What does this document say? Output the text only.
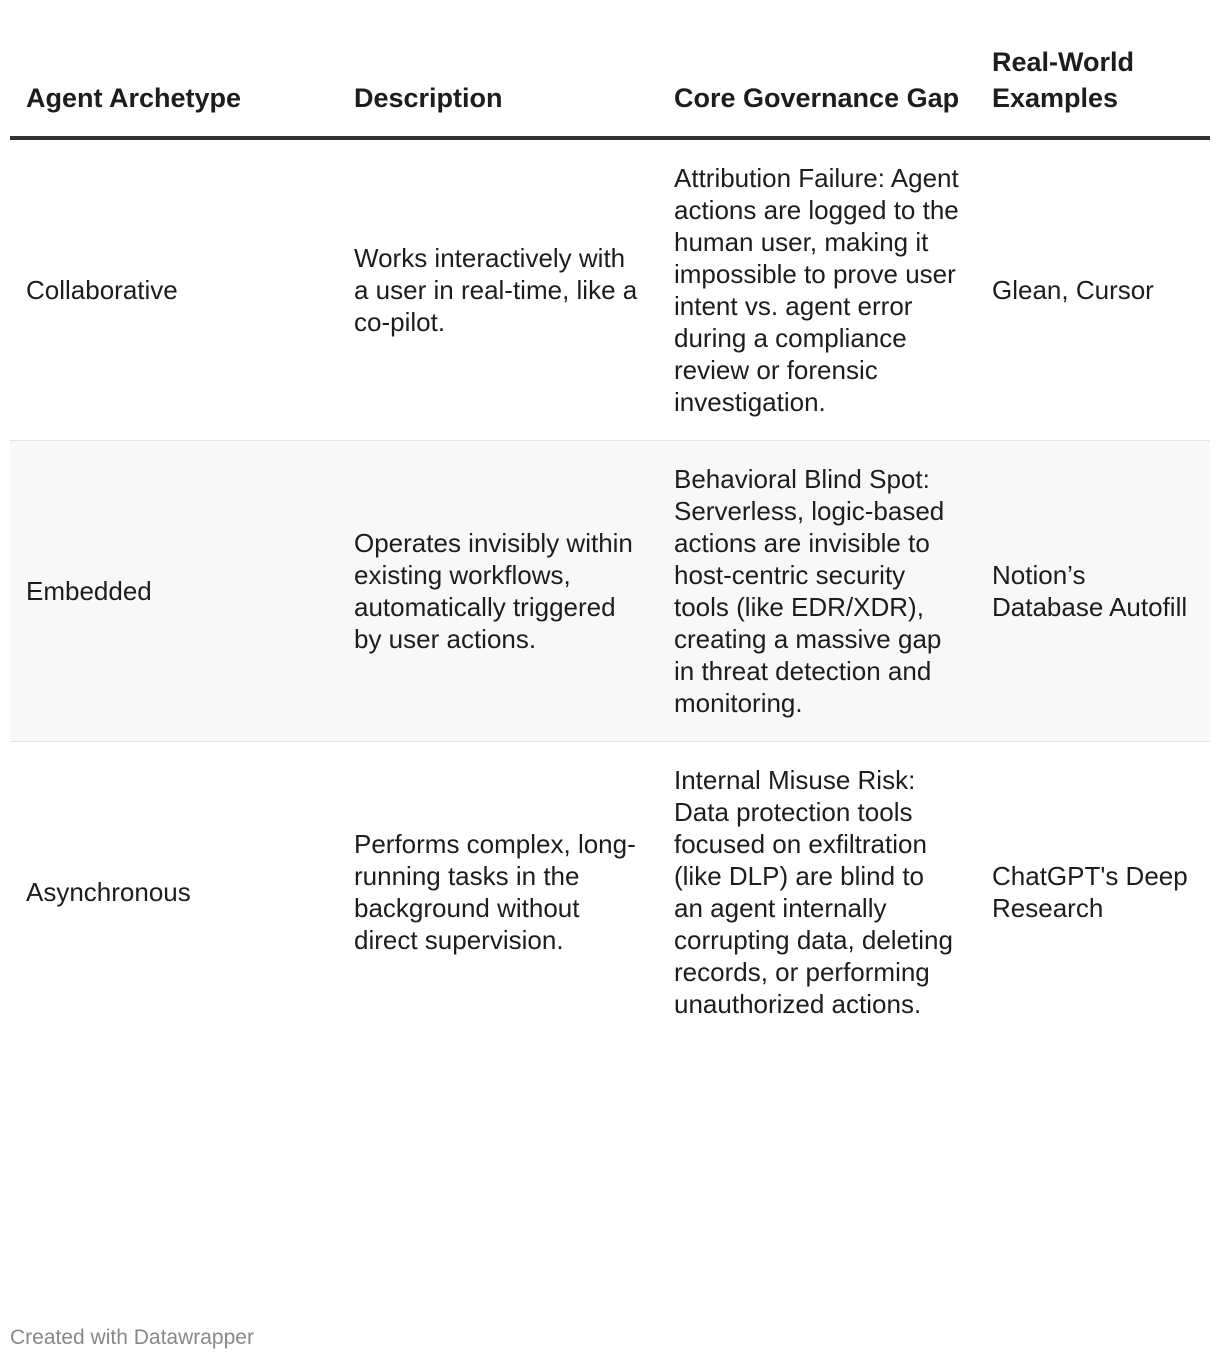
Agent Archetype	Description	Core Governance Gap	Real-World Examples
Collaborative	Works interactively with a user in real-time, like a co-pilot.	Attribution Failure: Agent actions are logged to the human user, making it impossible to prove user intent vs. agent error during a compliance review or forensic investigation.	Glean, Cursor
Embedded	Operates invisibly within existing workflows, automatically triggered by user actions.	Behavioral Blind Spot: Serverless, logic-based actions are invisible to host-centric security tools (like EDR/XDR), creating a massive gap in threat detection and monitoring.	Notion’s Database Autofill
Asynchronous	Performs complex, long-running tasks in the background without direct supervision.	Internal Misuse Risk: Data protection tools focused on exfiltration (like DLP) are blind to an agent internally corrupting data, deleting records, or performing unauthorized actions.	ChatGPT's Deep Research
Created with Datawrapper
